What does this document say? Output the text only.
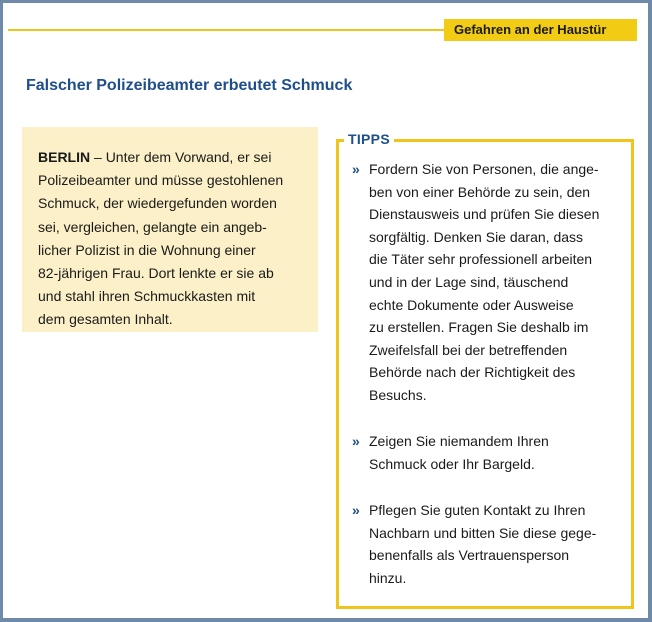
Gefahren an der Haustür
Falscher Polizeibeamter erbeutet Schmuck
BERLIN – Unter dem Vorwand, er sei
Polizeibeamter und müsse gestohlenen
Schmuck, der wiedergefunden worden
sei, vergleichen, gelangte ein angeb-
licher Polizist in die Wohnung einer
82-jährigen Frau. Dort lenkte er sie ab
und stahl ihren Schmuckkasten mit
dem gesamten Inhalt.
TIPPS
» Fordern Sie von Personen, die ange-
ben von einer Behörde zu sein, den
Dienstausweis und prüfen Sie diesen
sorgfältig. Denken Sie daran, dass
die Täter sehr professionell arbeiten
und in der Lage sind, täuschend
echte Dokumente oder Ausweise
zu erstellen. Fragen Sie deshalb im
Zweifelsfall bei der betreffenden
Behörde nach der Richtigkeit des
Besuchs.
» Zeigen Sie niemandem Ihren
Schmuck oder Ihr Bargeld.
» Pflegen Sie guten Kontakt zu Ihren
Nachbarn und bitten Sie diese gege-
benenfalls als Vertrauensperson
hinzu.
